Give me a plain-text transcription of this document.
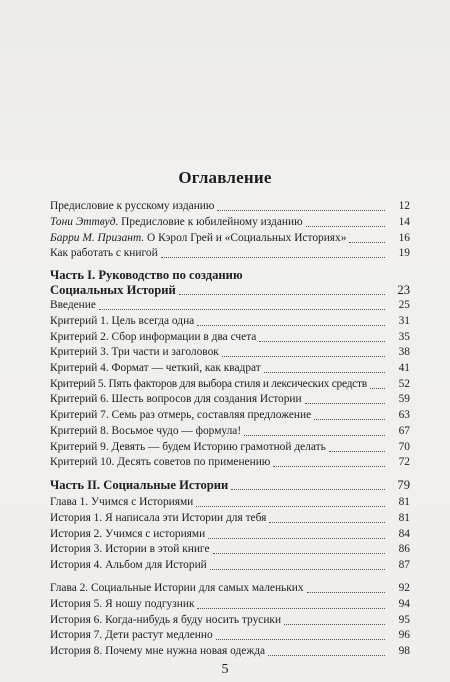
Оглавление
Предисловие к русскому изданию	12
Тони Эттвуд. Предисловие к юбилейному изданию	14
Барри М. Призант. О Кэрол Грей и «Социальных Историях»	16
Как работать с книгой	19
Часть I. Руководство по созданию
Социальных Историй	23
Введение	25
Критерий 1. Цель всегда одна	31
Критерий 2. Сбор информации в два счета	35
Критерий 3. Три части и заголовок	38
Критерий 4. Формат — четкий, как квадрат	41
Критерий 5. Пять факторов для выбора стиля и лексических средств	52
Критерий 6. Шесть вопросов для создания Истории	59
Критерий 7. Семь раз отмерь, составляя предложение	63
Критерий 8. Восьмое чудо — формула!	67
Критерий 9. Девять — будем Историю грамотной делать	70
Критерий 10. Десять советов по применению	72
Часть II. Социальные Истории	79
Глава 1. Учимся с Историями	81
История 1. Я написала эти Истории для тебя	81
История 2. Учимся с историями	84
История 3. Истории в этой книге	86
История 4. Альбом для Историй	87
Глава 2. Социальные Истории для самых маленьких	92
История 5. Я ношу подгузник	94
История 6. Когда-нибудь я буду носить трусики	95
История 7. Дети растут медленно	96
История 8. Почему мне нужна новая одежда	98
5
